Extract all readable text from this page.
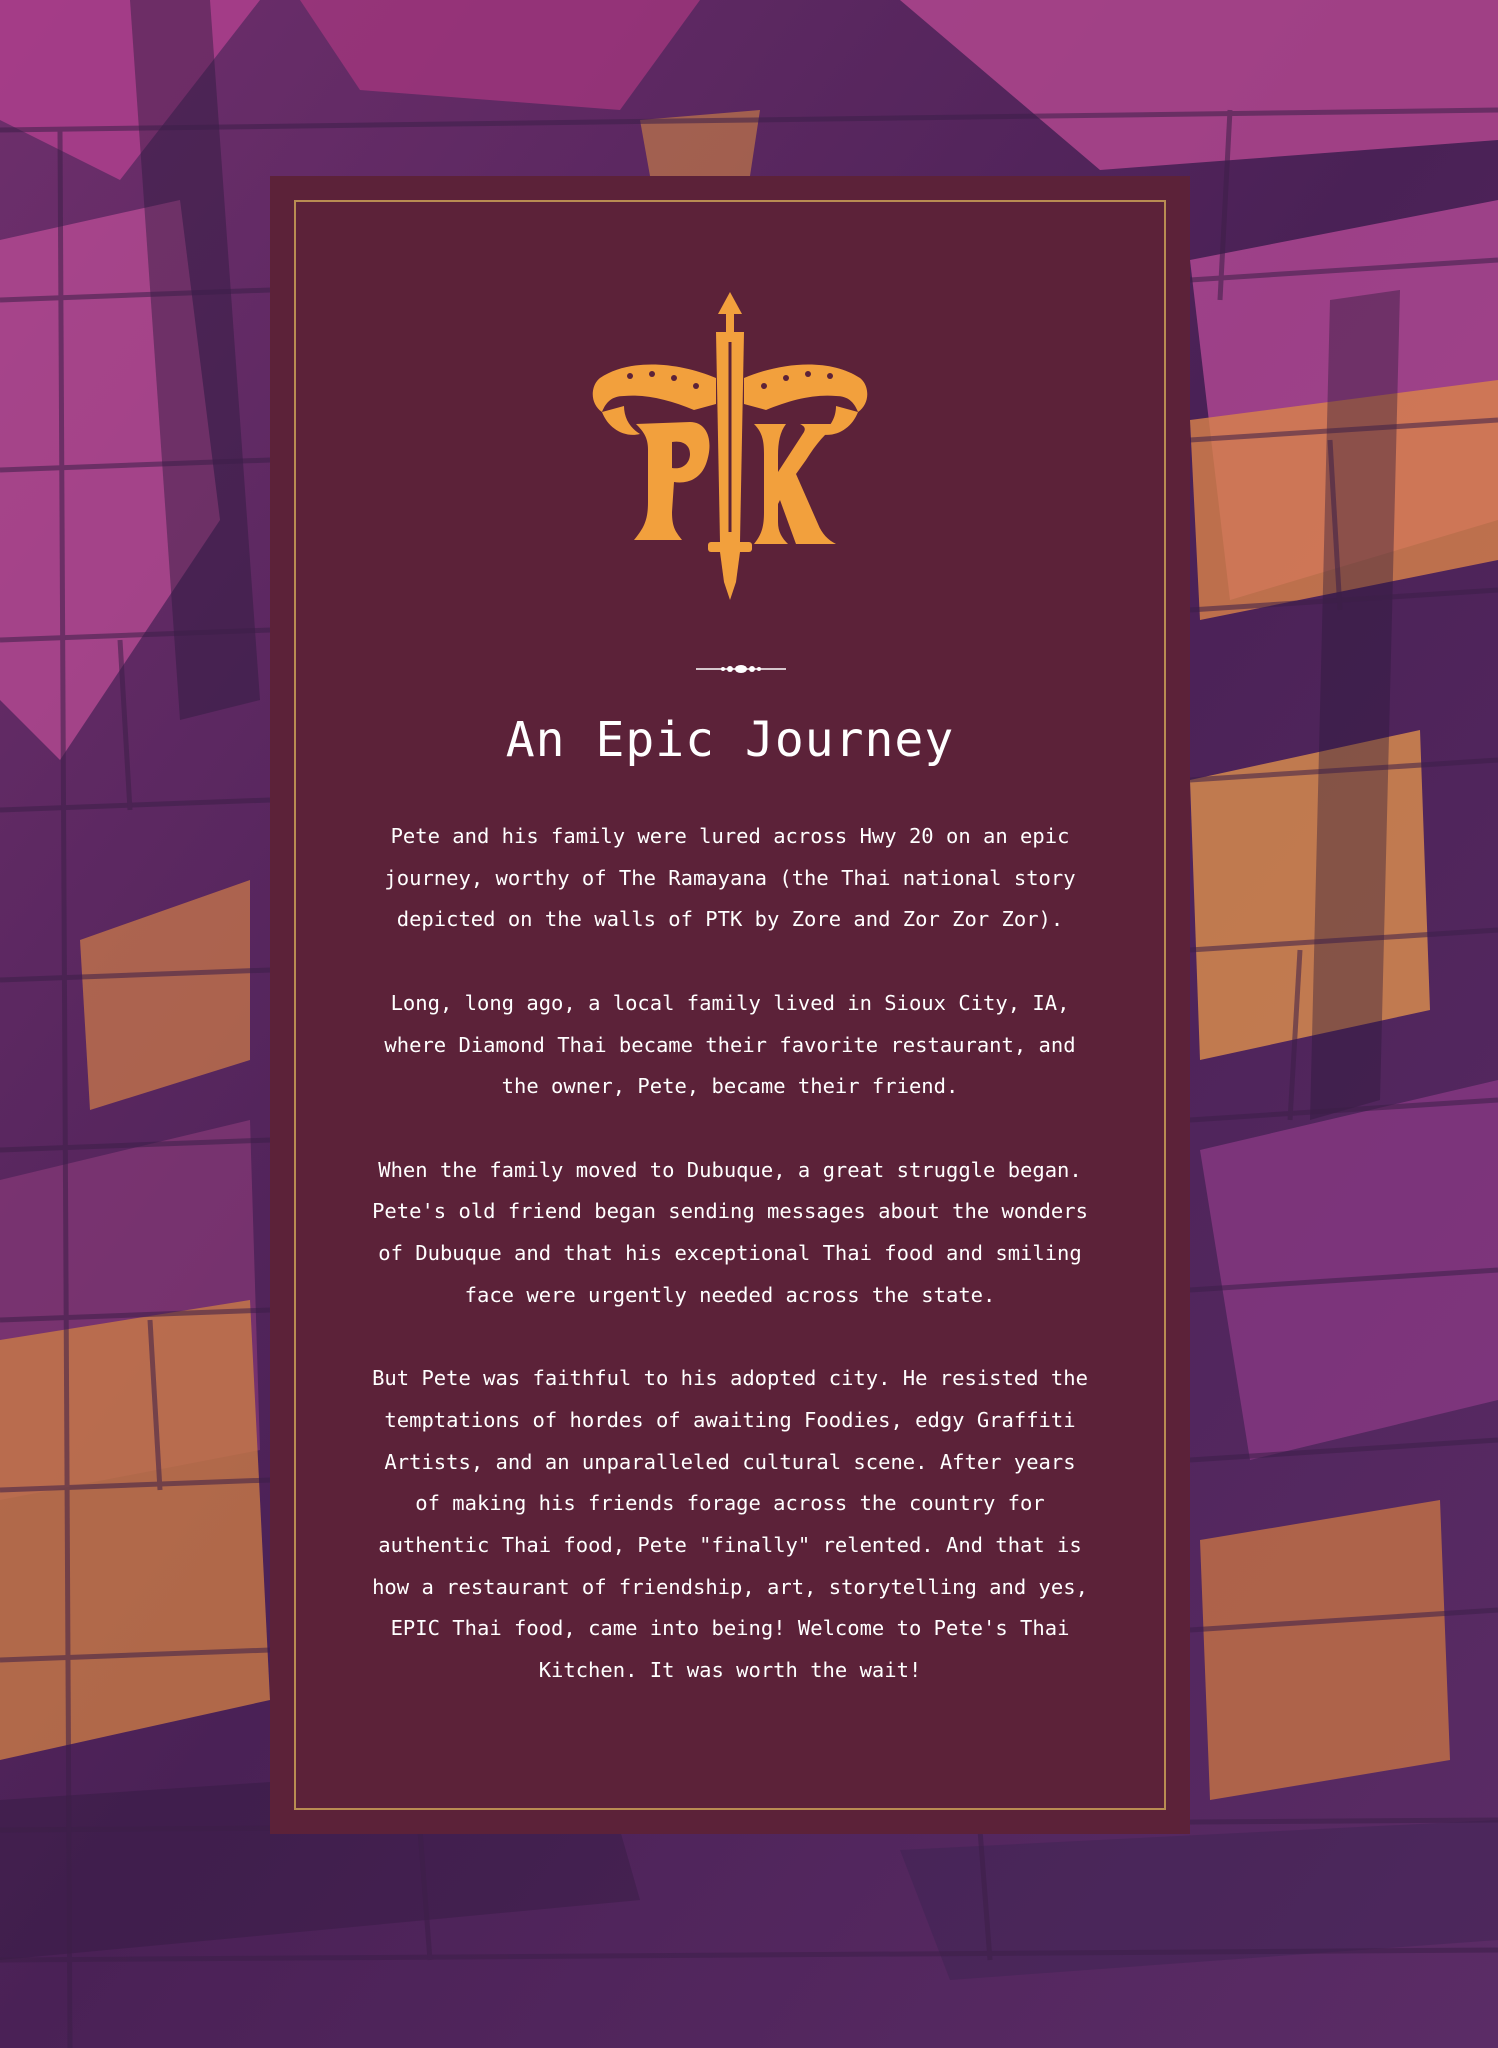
An Epic Journey

Pete and his family were lured across Hwy 20 on an epic journey, worthy of The Ramayana (the Thai national story depicted on the walls of PTK by Zore and Zor Zor Zor).

Long, long ago, a local family lived in Sioux City, IA, where Diamond Thai became their favorite restaurant, and the owner, Pete, became their friend.

When the family moved to Dubuque, a great struggle began. Pete's old friend began sending messages about the wonders of Dubuque and that his exceptional Thai food and smiling face were urgently needed across the state.

But Pete was faithful to his adopted city. He resisted the temptations of hordes of awaiting Foodies, edgy Graffiti Artists, and an unparalleled cultural scene. After years of making his friends forage across the country for authentic Thai food, Pete "finally" relented. And that is how a restaurant of friendship, art, storytelling and yes, EPIC Thai food, came into being! Welcome to Pete's Thai Kitchen. It was worth the wait!
